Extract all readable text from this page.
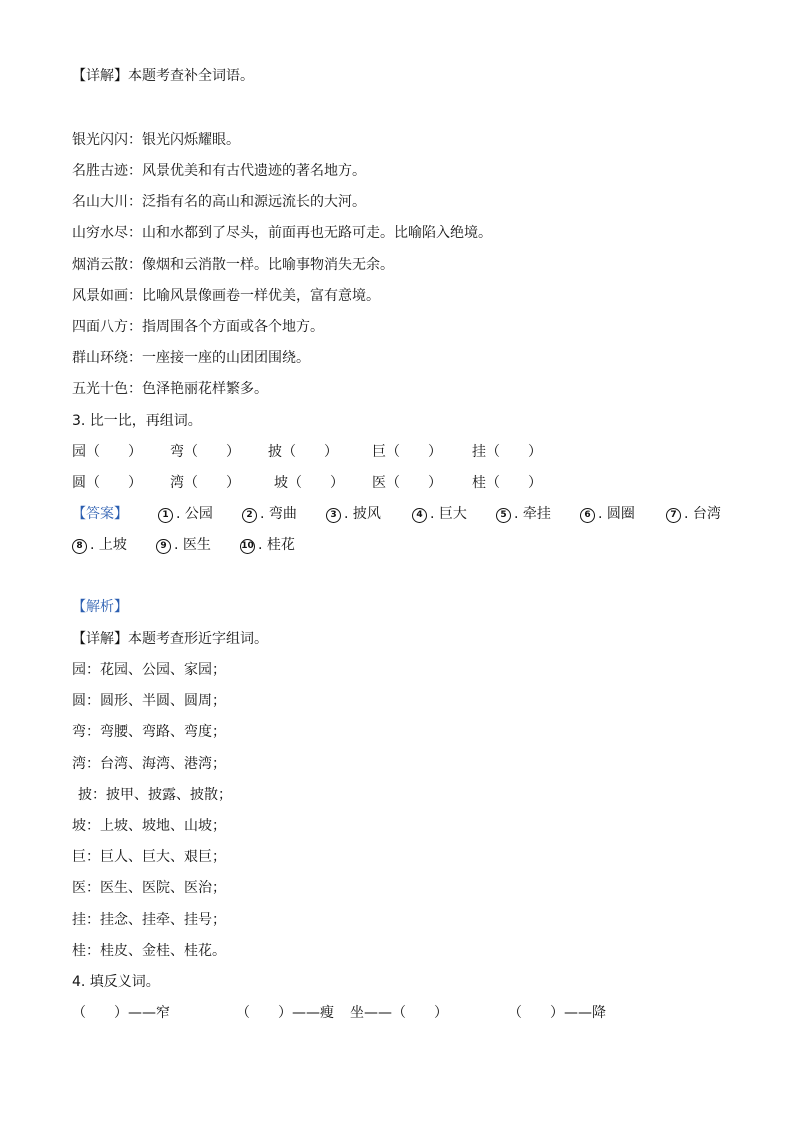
【详解】本题考查补全词语。
银光闪闪：银光闪烁耀眼。
名胜古迹：风景优美和有古代遗迹的著名地方。
名山大川：泛指有名的高山和源远流长的大河。
山穷水尽：山和水都到了尽头，前面再也无路可走。比喻陷入绝境。
烟消云散：像烟和云消散一样。比喻事物消失无余。
风景如画：比喻风景像画卷一样优美，富有意境。
四面八方：指周围各个方面或各个地方。
群山环绕：一座接一座的山团团围绕。
五光十色：色泽艳丽花样繁多。
3. 比一比，再组词。
园（　　） 弯（　　） 披（　　） 巨（　　） 挂（　　）
圆（　　） 湾（　　） 坡（　　） 医（　　） 桂（　　）
【答案】	1 . 公园	2 . 弯曲	3 . 披风	4 . 巨大	5 . 牵挂	6 . 圆圈	7 . 台湾
8 . 上坡	9 . 医生	10 . 桂花
【解析】
【详解】本题考查形近字组词。
园：花园、公园、家园；
圆：圆形、半圆、圆周；
弯：弯腰、弯路、弯度；
湾：台湾、海湾、港湾；
披：披甲、披露、披散；
坡：上坡、坡地、山坡；
巨：巨人、巨大、艰巨；
医：医生、医院、医治；
挂：挂念、挂牵、挂号；
桂：桂皮、金桂、桂花。
4. 填反义词。
（　　）——窄	（　　）——瘦 坐——（　　）	（　　）——降
